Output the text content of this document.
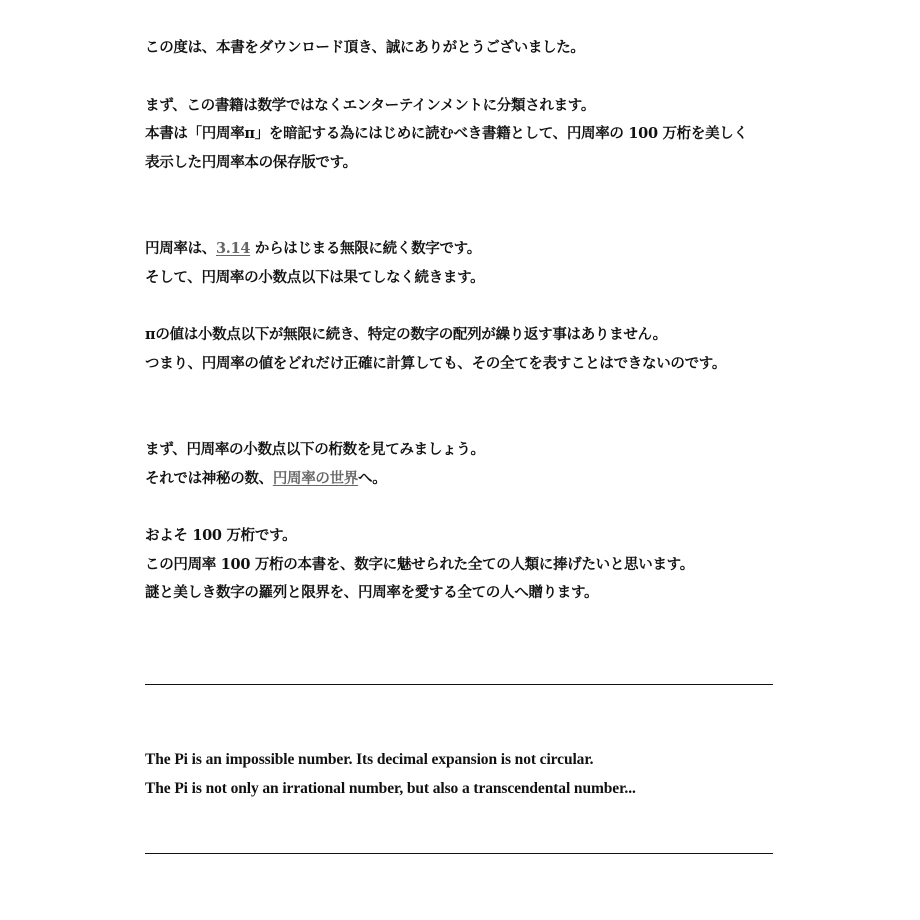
この度は、本書をダウンロード頂き、誠にありがとうございました。
まず、この書籍は数学ではなくエンターテインメントに分類されます。
本書は「円周率π」を暗記する為にはじめに読むべき書籍として、円周率の 100 万桁を美しく
表示した円周率本の保存版です。
円周率は、3.14 からはじまる無限に続く数字です。
そして、円周率の小数点以下は果てしなく続きます。
πの値は小数点以下が無限に続き、特定の数字の配列が繰り返す事はありません。
つまり、円周率の値をどれだけ正確に計算しても、その全てを表すことはできないのです。
まず、円周率の小数点以下の桁数を見てみましょう。
それでは神秘の数、円周率の世界へ。
およそ 100 万桁です。
この円周率 100 万桁の本書を、数字に魅せられた全ての人類に捧げたいと思います。
謎と美しき数字の羅列と限界を、円周率を愛する全ての人へ贈ります。
The Pi is an impossible number. Its decimal expansion is not circular.
The Pi is not only an irrational number, but also a transcendental number...
